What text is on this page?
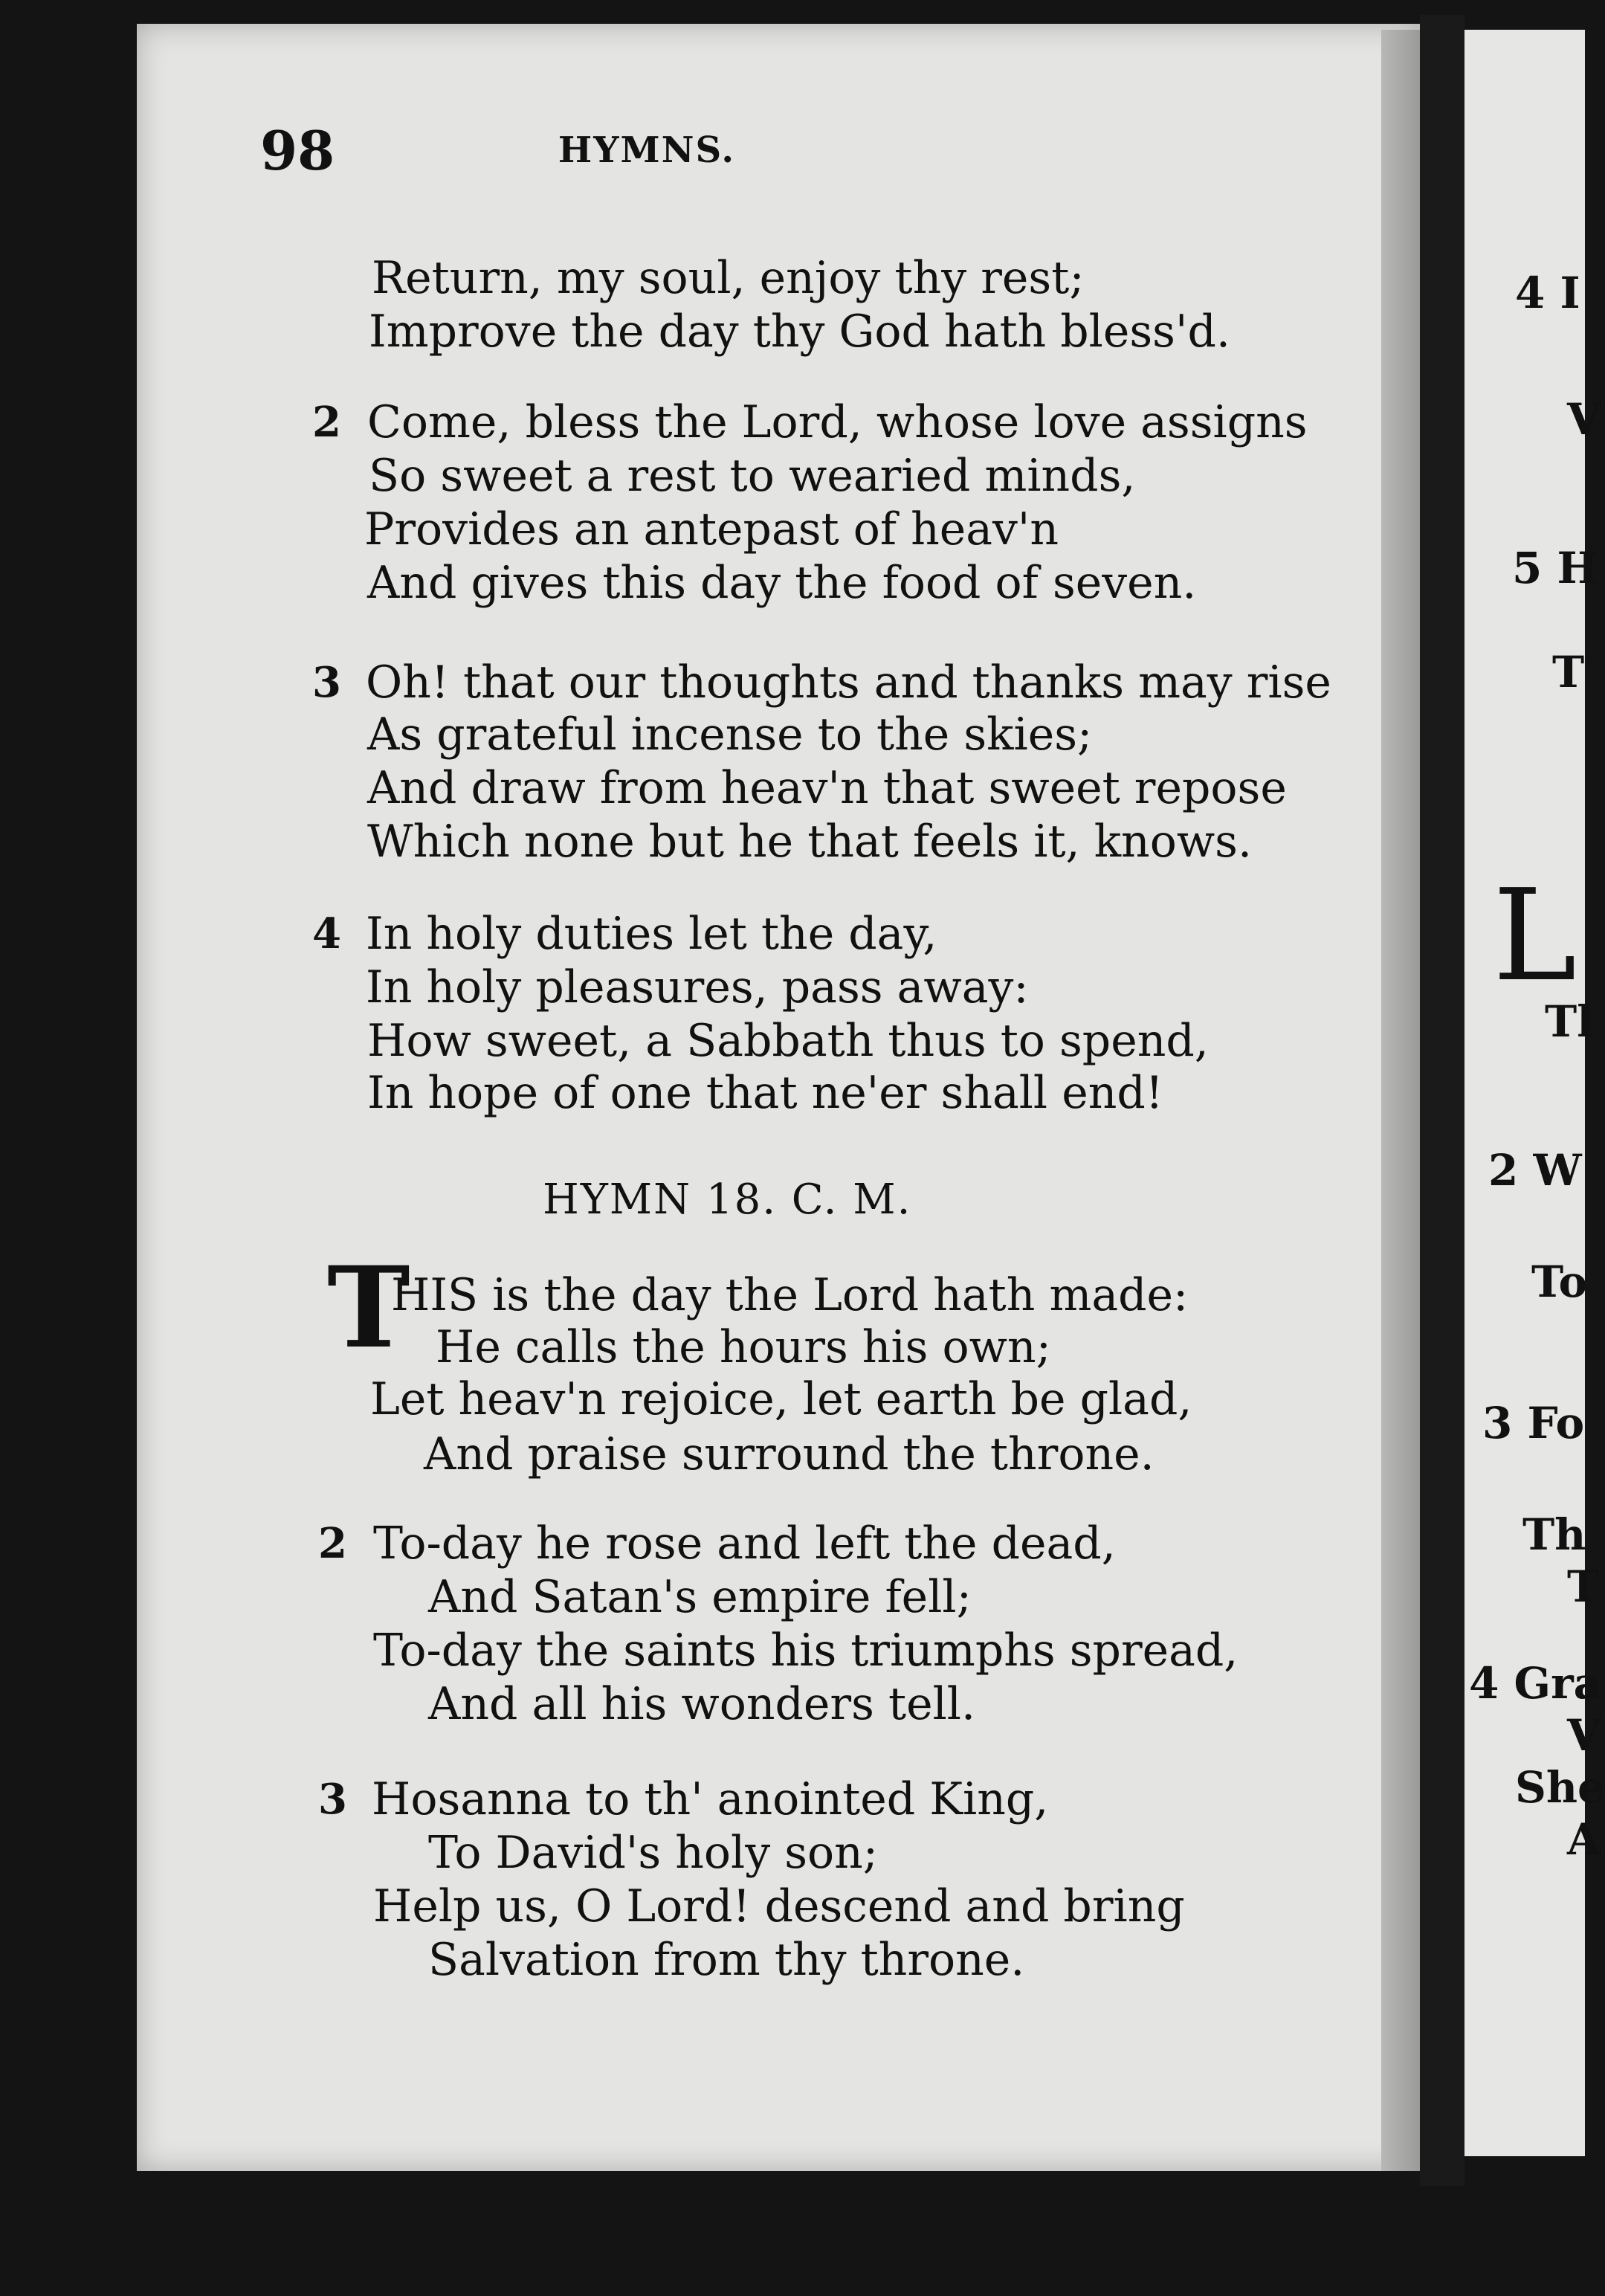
4 I
V
5 H
T
L
Tl
2 W
To
3 Fo
Th
T
4 Gra
V
She
A
98	HYMNS.
Return, my soul, enjoy thy rest;
Improve the day thy God hath bless'd.
2 Come, bless the Lord, whose love assigns
So sweet a rest to wearied minds,
Provides an antepast of heav'n
And gives this day the food of seven.
3 Oh! that our thoughts and thanks may rise
As grateful incense to the skies;
And draw from heav'n that sweet repose
Which none but he that feels it, knows.
4 In holy duties let the day,
In holy pleasures, pass away:
How sweet, a Sabbath thus to spend,
In hope of one that ne'er shall end!
HYMN 18. C. M.
T
HIS is the day the Lord hath made:
He calls the hours his own;
Let heav'n rejoice, let earth be glad,
And praise surround the throne.
2 To-day he rose and left the dead,
And Satan's empire fell;
To-day the saints his triumphs spread,
And all his wonders tell.
3 Hosanna to th' anointed King,
To David's holy son;
Help us, O Lord! descend and bring
Salvation from thy throne.
